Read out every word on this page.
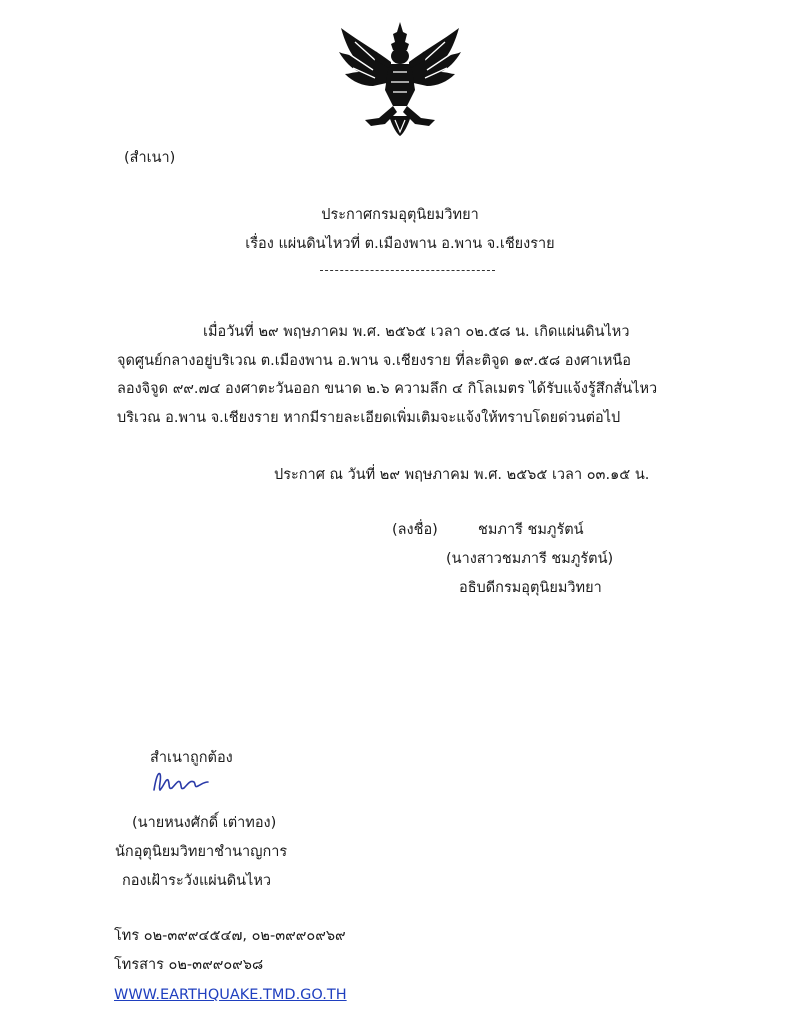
(สำเนา)
ประกาศกรมอุตุนิยมวิทยา
เรื่อง แผ่นดินไหวที่ ต.เมืองพาน อ.พาน จ.เชียงราย

เมื่อวันที่ ๒๙ พฤษภาคม พ.ศ. ๒๕๖๕ เวลา ๐๒.๕๘ น. เกิดแผ่นดินไหว จุดศูนย์กลางอยู่บริเวณ ต.เมืองพาน อ.พาน จ.เชียงราย ที่ละติจูด ๑๙.๕๘ องศาเหนือ ลองจิจูด ๙๙.๗๔ องศาตะวันออก ขนาด ๒.๖ ความลึก ๔ กิโลเมตร ได้รับแจ้งรู้สึกสั่นไหวบริเวณ อ.พาน จ.เชียงราย หากมีรายละเอียดเพิ่มเติมจะแจ้งให้ทราบโดยด่วนต่อไป

ประกาศ ณ วันที่ ๒๙ พฤษภาคม พ.ศ. ๒๕๖๕ เวลา ๐๓.๑๕ น.
(ลงชื่อ)	ชมภารี ชมภูรัตน์
(นางสาวชมภารี ชมภูรัตน์)
อธิบดีกรมอุตุนิยมวิทยา
สำเนาถูกต้อง
(นายหนงศักดิ์ เต่าทอง)
นักอุตุนิยมวิทยาชำนาญการ
กองเฝ้าระวังแผ่นดินไหว
โทร ๐๒-๓๙๙๔๕๔๗, ๐๒-๓๙๙๐๙๖๙
โทรสาร ๐๒-๓๙๙๐๙๖๘
WWW.EARTHQUAKE.TMD.GO.TH
